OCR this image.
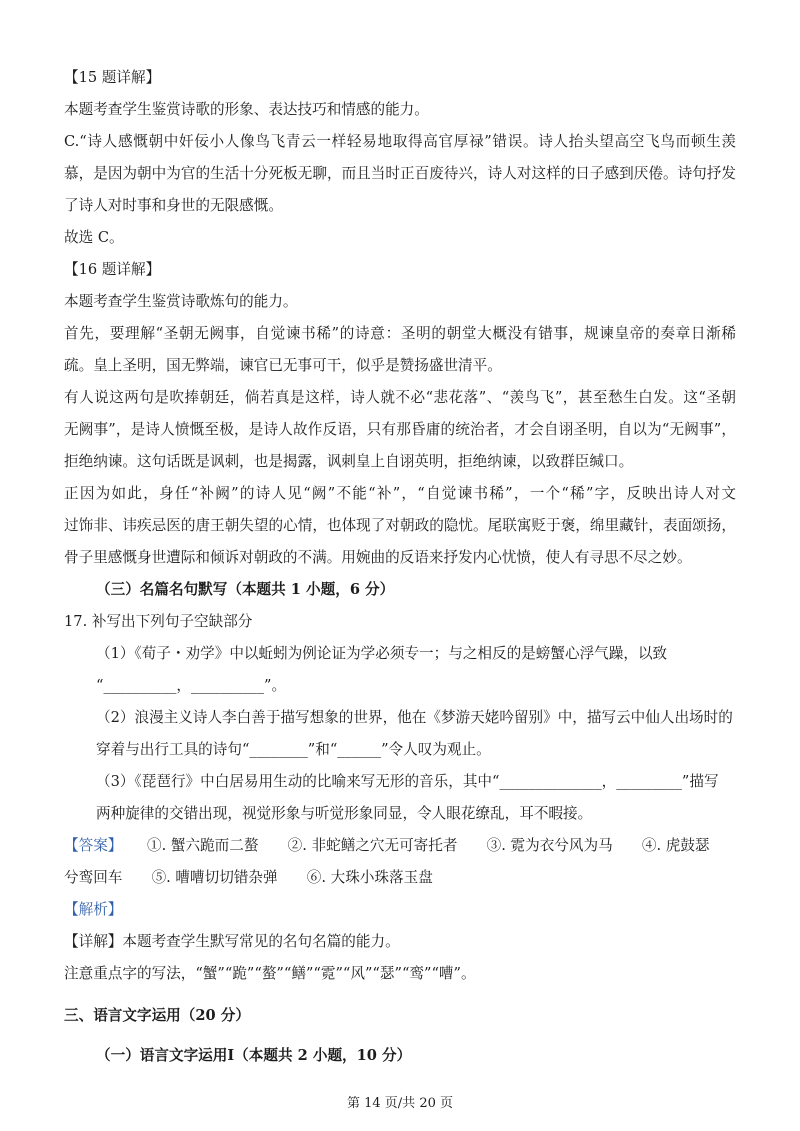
【15 题详解】
本题考查学生鉴赏诗歌的形象、表达技巧和情感的能力。
C.“诗人感慨朝中奸佞小人像鸟飞青云一样轻易地取得高官厚禄”错误。诗人抬头望高空飞鸟而顿生羡
慕，是因为朝中为官的生活十分死板无聊，而且当时正百废待兴，诗人对这样的日子感到厌倦。诗句抒发
了诗人对时事和身世的无限感慨。
故选 C。
【16 题详解】
本题考查学生鉴赏诗歌炼句的能力。
首先，要理解“圣朝无阙事，自觉谏书稀”的诗意：圣明的朝堂大概没有错事，规谏皇帝的奏章日渐稀
疏。皇上圣明，国无弊端，谏官已无事可干，似乎是赞扬盛世清平。
有人说这两句是吹捧朝廷，倘若真是这样，诗人就不必“悲花落”、“羡鸟飞”，甚至愁生白发。这“圣朝
无阙事”，是诗人愤慨至极，是诗人故作反语，只有那昏庸的统治者，才会自诩圣明，自以为“无阙事”，
拒绝纳谏。这句话既是讽刺，也是揭露，讽刺皇上自诩英明，拒绝纳谏，以致群臣缄口。
正因为如此，身任“补阙”的诗人见“阙”不能“补”，“自觉谏书稀”，一个“稀”字，反映出诗人对文
过饰非、讳疾忌医的唐王朝失望的心情，也体现了对朝政的隐忧。尾联寓贬于褒，绵里藏针，表面颂扬，
骨子里感慨身世遭际和倾诉对朝政的不满。用婉曲的反语来抒发内心忧愤，使人有寻思不尽之妙。
（三）名篇名句默写（本题共 1 小题，6 分）
17. 补写出下列句子空缺部分
（1）《荀子・劝学》中以蚯蚓为例论证为学必须专一；与之相反的是螃蟹心浮气躁，以致
“__________，__________”。
（2）浪漫主义诗人李白善于描写想象的世界，他在《梦游天姥吟留别》中，描写云中仙人出场时的
穿着与出行工具的诗句“________”和“______”令人叹为观止。
（3）《琵琶行》中白居易用生动的比喻来写无形的音乐，其中“______________，_________”描写
两种旋律的交错出现，视觉形象与听觉形象同显，令人眼花缭乱，耳不暇接。
【答案】 ①. 蟹六跪而二螯　　②. 非蛇鳝之穴无可寄托者　　③. 霓为衣兮风为马　　④. 虎鼓瑟
兮鸾回车　　⑤. 嘈嘈切切错杂弹　　⑥. 大珠小珠落玉盘
【解析】
【详解】本题考查学生默写常见的名句名篇的能力。
注意重点字的写法，“蟹”“跪”“螯”“鳝”“霓”“风”“瑟”“鸾”“嘈”。
三、语言文字运用（20 分）
（一）语言文字运用Ⅰ（本题共 2 小题，10 分）
第 14 页/共 20 页
